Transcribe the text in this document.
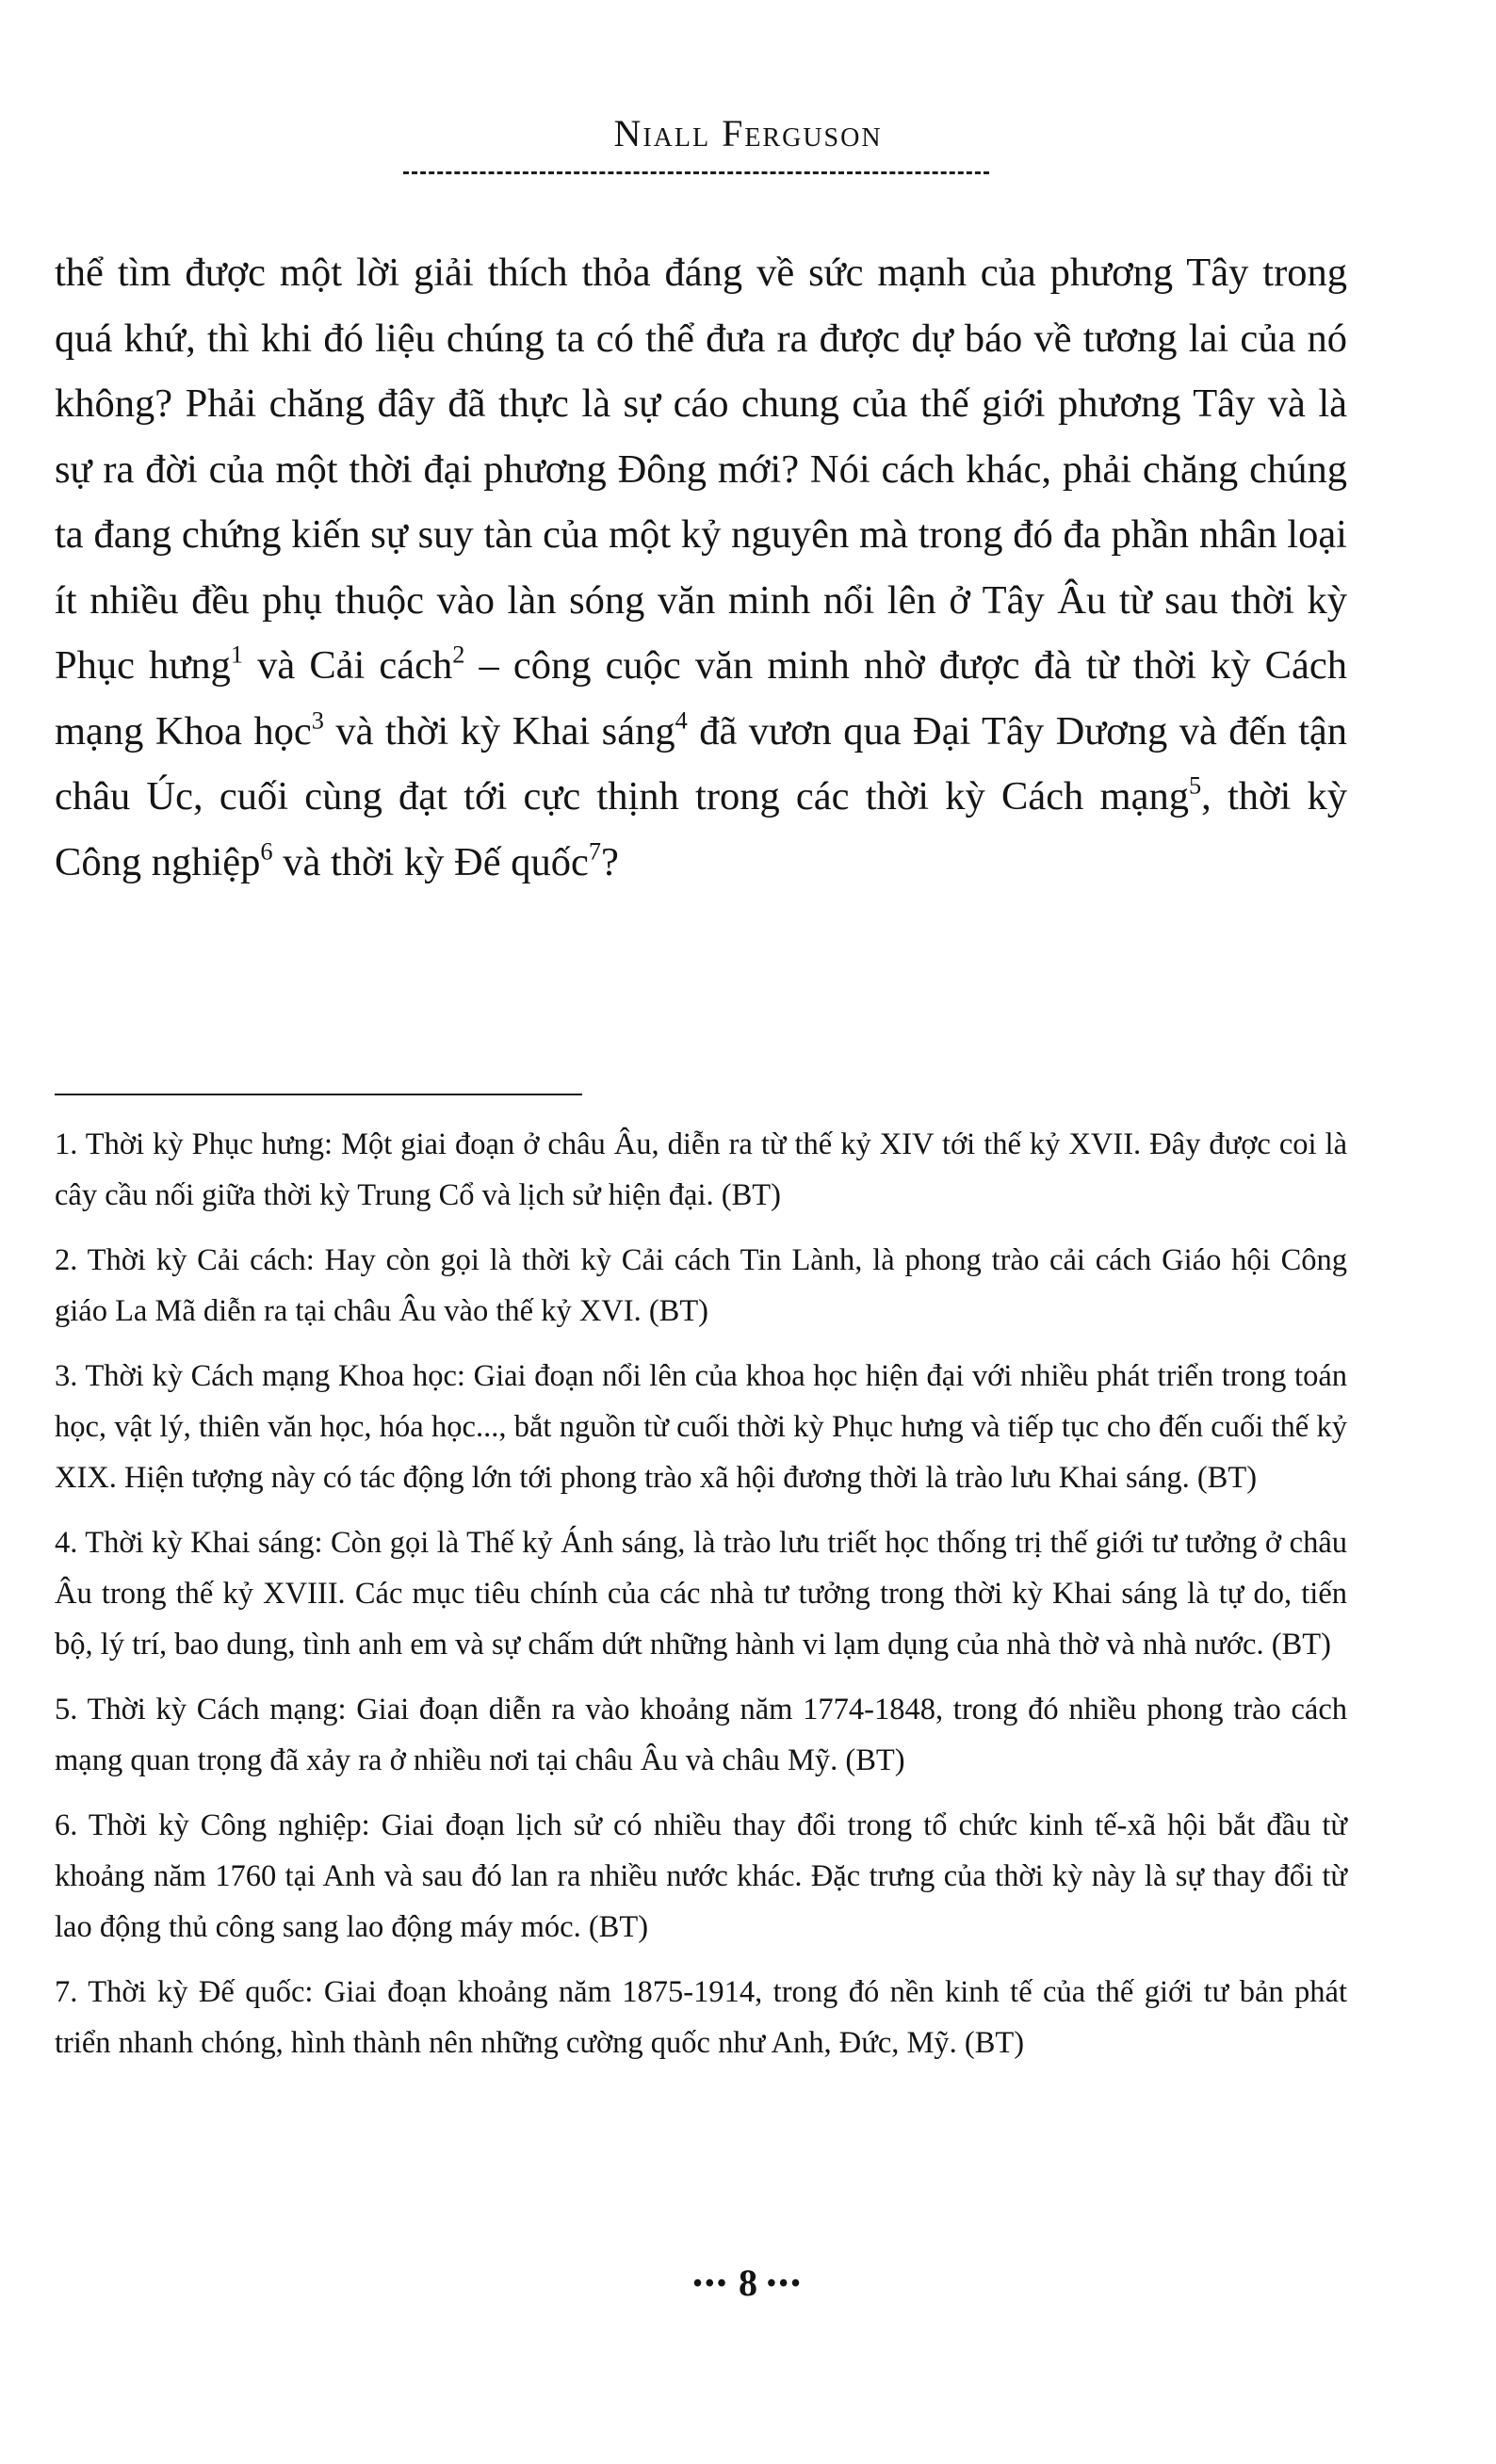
Niall Ferguson

thể tìm được một lời giải thích thỏa đáng về sức mạnh của phương Tây trong quá khứ, thì khi đó liệu chúng ta có thể đưa ra được dự báo về tương lai của nó không? Phải chăng đây đã thực là sự cáo chung của thế giới phương Tây và là sự ra đời của một thời đại phương Đông mới? Nói cách khác, phải chăng chúng ta đang chứng kiến sự suy tàn của một kỷ nguyên mà trong đó đa phần nhân loại ít nhiều đều phụ thuộc vào làn sóng văn minh nổi lên ở Tây Âu từ sau thời kỳ Phục hưng$^1$ và Cải cách$^2$ – công cuộc văn minh nhờ được đà từ thời kỳ Cách mạng Khoa học$^3$ và thời kỳ Khai sáng$^4$ đã vươn qua Đại Tây Dương và đến tận châu Úc, cuối cùng đạt tới cực thịnh trong các thời kỳ Cách mạng$^5$, thời kỳ Công nghiệp$^6$ và thời kỳ Đế quốc$^7$?

1. Thời kỳ Phục hưng: Một giai đoạn ở châu Âu, diễn ra từ thế kỷ XIV tới thế kỷ XVII. Đây được coi là cây cầu nối giữa thời kỳ Trung Cổ và lịch sử hiện đại. (BT)

2. Thời kỳ Cải cách: Hay còn gọi là thời kỳ Cải cách Tin Lành, là phong trào cải cách Giáo hội Công giáo La Mã diễn ra tại châu Âu vào thế kỷ XVI. (BT)

3. Thời kỳ Cách mạng Khoa học: Giai đoạn nổi lên của khoa học hiện đại với nhiều phát triển trong toán học, vật lý, thiên văn học, hóa học..., bắt nguồn từ cuối thời kỳ Phục hưng và tiếp tục cho đến cuối thế kỷ XIX. Hiện tượng này có tác động lớn tới phong trào xã hội đương thời là trào lưu Khai sáng. (BT)

4. Thời kỳ Khai sáng: Còn gọi là Thế kỷ Ánh sáng, là trào lưu triết học thống trị thế giới tư tưởng ở châu Âu trong thế kỷ XVIII. Các mục tiêu chính của các nhà tư tưởng trong thời kỳ Khai sáng là tự do, tiến bộ, lý trí, bao dung, tình anh em và sự chấm dứt những hành vi lạm dụng của nhà thờ và nhà nước. (BT)

5. Thời kỳ Cách mạng: Giai đoạn diễn ra vào khoảng năm 1774-1848, trong đó nhiều phong trào cách mạng quan trọng đã xảy ra ở nhiều nơi tại châu Âu và châu Mỹ. (BT)

6. Thời kỳ Công nghiệp: Giai đoạn lịch sử có nhiều thay đổi trong tổ chức kinh tế-xã hội bắt đầu từ khoảng năm 1760 tại Anh và sau đó lan ra nhiều nước khác. Đặc trưng của thời kỳ này là sự thay đổi từ lao động thủ công sang lao động máy móc. (BT)

7. Thời kỳ Đế quốc: Giai đoạn khoảng năm 1875-1914, trong đó nền kinh tế của thế giới tư bản phát triển nhanh chóng, hình thành nên những cường quốc như Anh, Đức, Mỹ. (BT)

••• 8 •••
